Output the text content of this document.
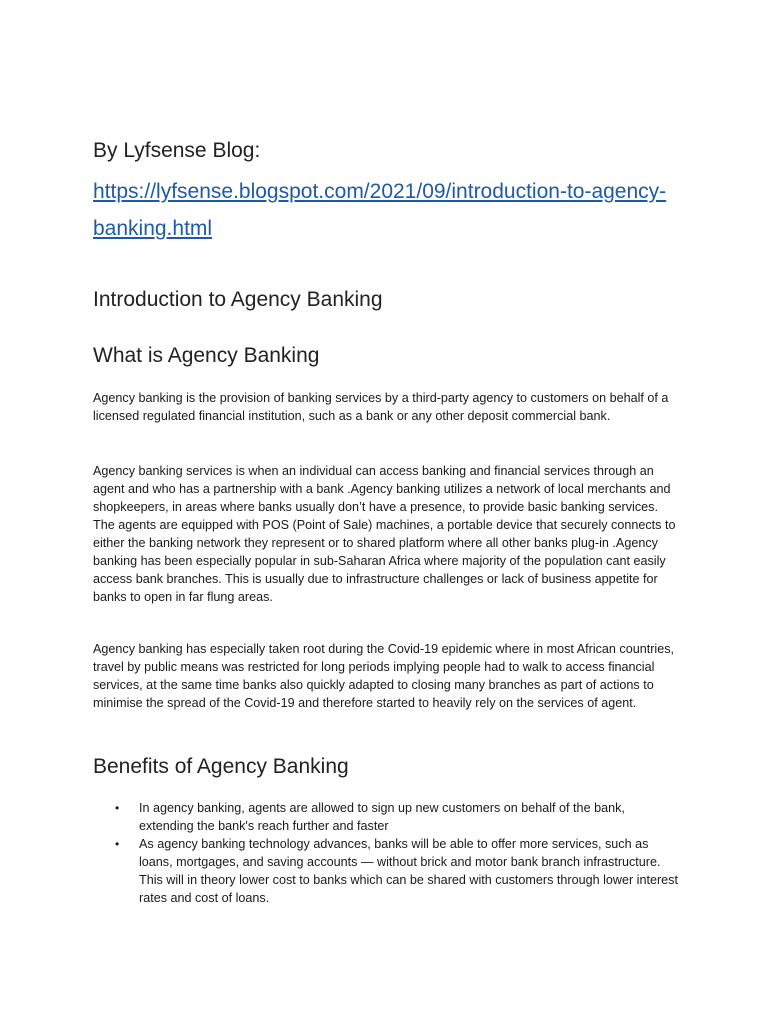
By Lyfsense Blog:

https://lyfsense.blogspot.com/2021/09/introduction-to-agency-banking.html

Introduction to Agency Banking
What is Agency Banking

Agency banking is the provision of banking services by a third-party agency to customers on behalf of a licensed regulated financial institution, such as a bank or any other deposit commercial bank.

Agency banking services is when an individual can access banking and financial services through an agent and who has a partnership with a bank .Agency banking utilizes a network of local merchants and shopkeepers, in areas where banks usually don’t have a presence, to provide basic banking services. The agents are equipped with POS (Point of Sale) machines, a portable device that securely connects to either the banking network they represent or to shared platform where all other banks plug-in .Agency banking has been especially popular in sub-Saharan Africa where majority of the population cant easily access bank branches. This is usually due to infrastructure challenges or lack of business appetite for banks to open in far flung areas.

Agency banking has especially taken root during the Covid-19 epidemic where in most African countries, travel by public means was restricted for long periods implying people had to walk to access financial services, at the same time banks also quickly adapted to closing many branches as part of actions to minimise the spread of the Covid-19 and therefore started to heavily rely on the services of agent.

Benefits of Agency Banking
• In agency banking, agents are allowed to sign up new customers on behalf of the bank, extending the bank's reach further and faster
• As agency banking technology advances, banks will be able to offer more services, such as loans, mortgages, and saving accounts — without brick and motor bank branch infrastructure. This will in theory lower cost to banks which can be shared with customers through lower interest rates and cost of loans.
